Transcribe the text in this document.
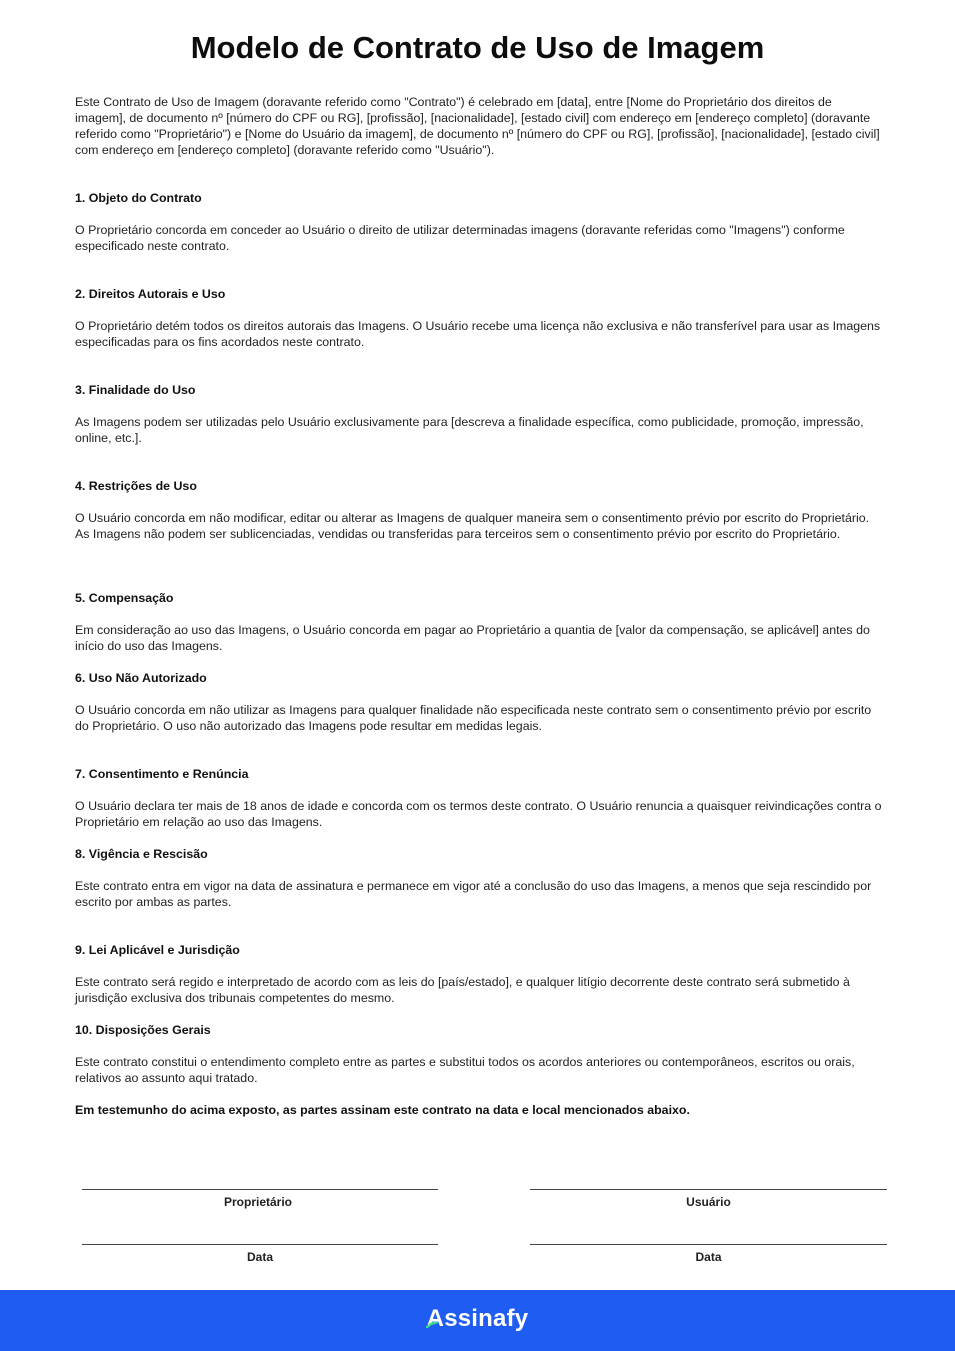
Modelo de Contrato de Uso de Imagem

Este Contrato de Uso de Imagem (doravante referido como "Contrato") é celebrado em [data], entre [Nome do Proprietário dos direitos de imagem], de documento nº [número do CPF ou RG], [profissão], [nacionalidade], [estado civil] com endereço em [endereço completo] (doravante referido como "Proprietário") e [Nome do Usuário da imagem], de documento nº [número do CPF ou RG], [profissão], [nacionalidade], [estado civil] com endereço em [endereço completo] (doravante referido como "Usuário").

1. Objeto do Contrato

O Proprietário concorda em conceder ao Usuário o direito de utilizar determinadas imagens (doravante referidas como "Imagens") conforme especificado neste contrato.

2. Direitos Autorais e Uso

O Proprietário detém todos os direitos autorais das Imagens. O Usuário recebe uma licença não exclusiva e não transferível para usar as Imagens especificadas para os fins acordados neste contrato.

3. Finalidade do Uso

As Imagens podem ser utilizadas pelo Usuário exclusivamente para [descreva a finalidade específica, como publicidade, promoção, impressão, online, etc.].

4. Restrições de Uso

O Usuário concorda em não modificar, editar ou alterar as Imagens de qualquer maneira sem o consentimento prévio por escrito do Proprietário. As Imagens não podem ser sublicenciadas, vendidas ou transferidas para terceiros sem o consentimento prévio por escrito do Proprietário.

5. Compensação

Em consideração ao uso das Imagens, o Usuário concorda em pagar ao Proprietário a quantia de [valor da compensação, se aplicável] antes do início do uso das Imagens.

6. Uso Não Autorizado

O Usuário concorda em não utilizar as Imagens para qualquer finalidade não especificada neste contrato sem o consentimento prévio por escrito do Proprietário. O uso não autorizado das Imagens pode resultar em medidas legais.

7. Consentimento e Renúncia

O Usuário declara ter mais de 18 anos de idade e concorda com os termos deste contrato. O Usuário renuncia a quaisquer reivindicações contra o Proprietário em relação ao uso das Imagens.

8. Vigência e Rescisão

Este contrato entra em vigor na data de assinatura e permanece em vigor até a conclusão do uso das Imagens, a menos que seja rescindido por escrito por ambas as partes.

9. Lei Aplicável e Jurisdição

Este contrato será regido e interpretado de acordo com as leis do [país/estado], e qualquer litígio decorrente deste contrato será submetido à jurisdição exclusiva dos tribunais competentes do mesmo.

10. Disposições Gerais

Este contrato constitui o entendimento completo entre as partes e substitui todos os acordos anteriores ou contemporâneos, escritos ou orais, relativos ao assunto aqui tratado.

Em testemunho do acima exposto, as partes assinam este contrato na data e local mencionados abaixo.

Proprietário	Usuário

Data	Data

A
ssinafy
